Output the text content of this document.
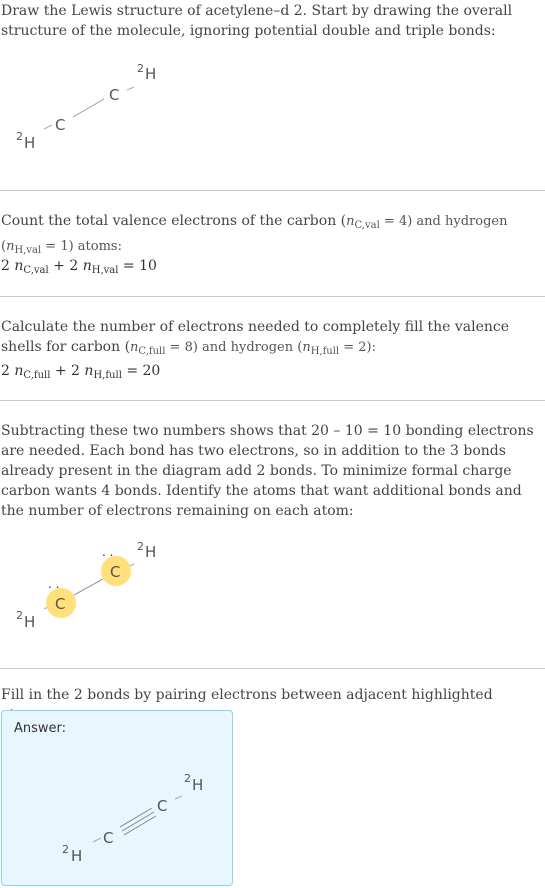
Draw the Lewis structure of acetylene–d 2. Start by drawing the overall structure of the molecule, ignoring potential double and triple bonds:

C
C
2 H
2 H

Count the total valence electrons of the carbon $(n_{C,val} = 4)$ and hydrogen $(n_{H,val} = 1)$ atoms:

2 $n_{C,val} + 2$ $n_{H,val} = 10$

Calculate the number of electrons needed to completely fill the valence shells for carbon $(n_{C,full} = 8)$ and hydrogen $(n_{H,full} = 2)$:

2 $n_{C,full} + 2$ $n_{H,full} = 20$

Subtracting these two numbers shows that 20 – 10 = 10 bonding electrons are needed. Each bond has two electrons, so in addition to the 3 bonds already present in the diagram add 2 bonds. To minimize formal charge carbon wants 4 bonds. Identify the atoms that want additional bonds and the number of electrons remaining on each atom:

. .
. .
C
C
2 H
2 H

Fill in the 2 bonds by pairing electrons between adjacent highlighted

Answer:
C
C
2 H
2 H
